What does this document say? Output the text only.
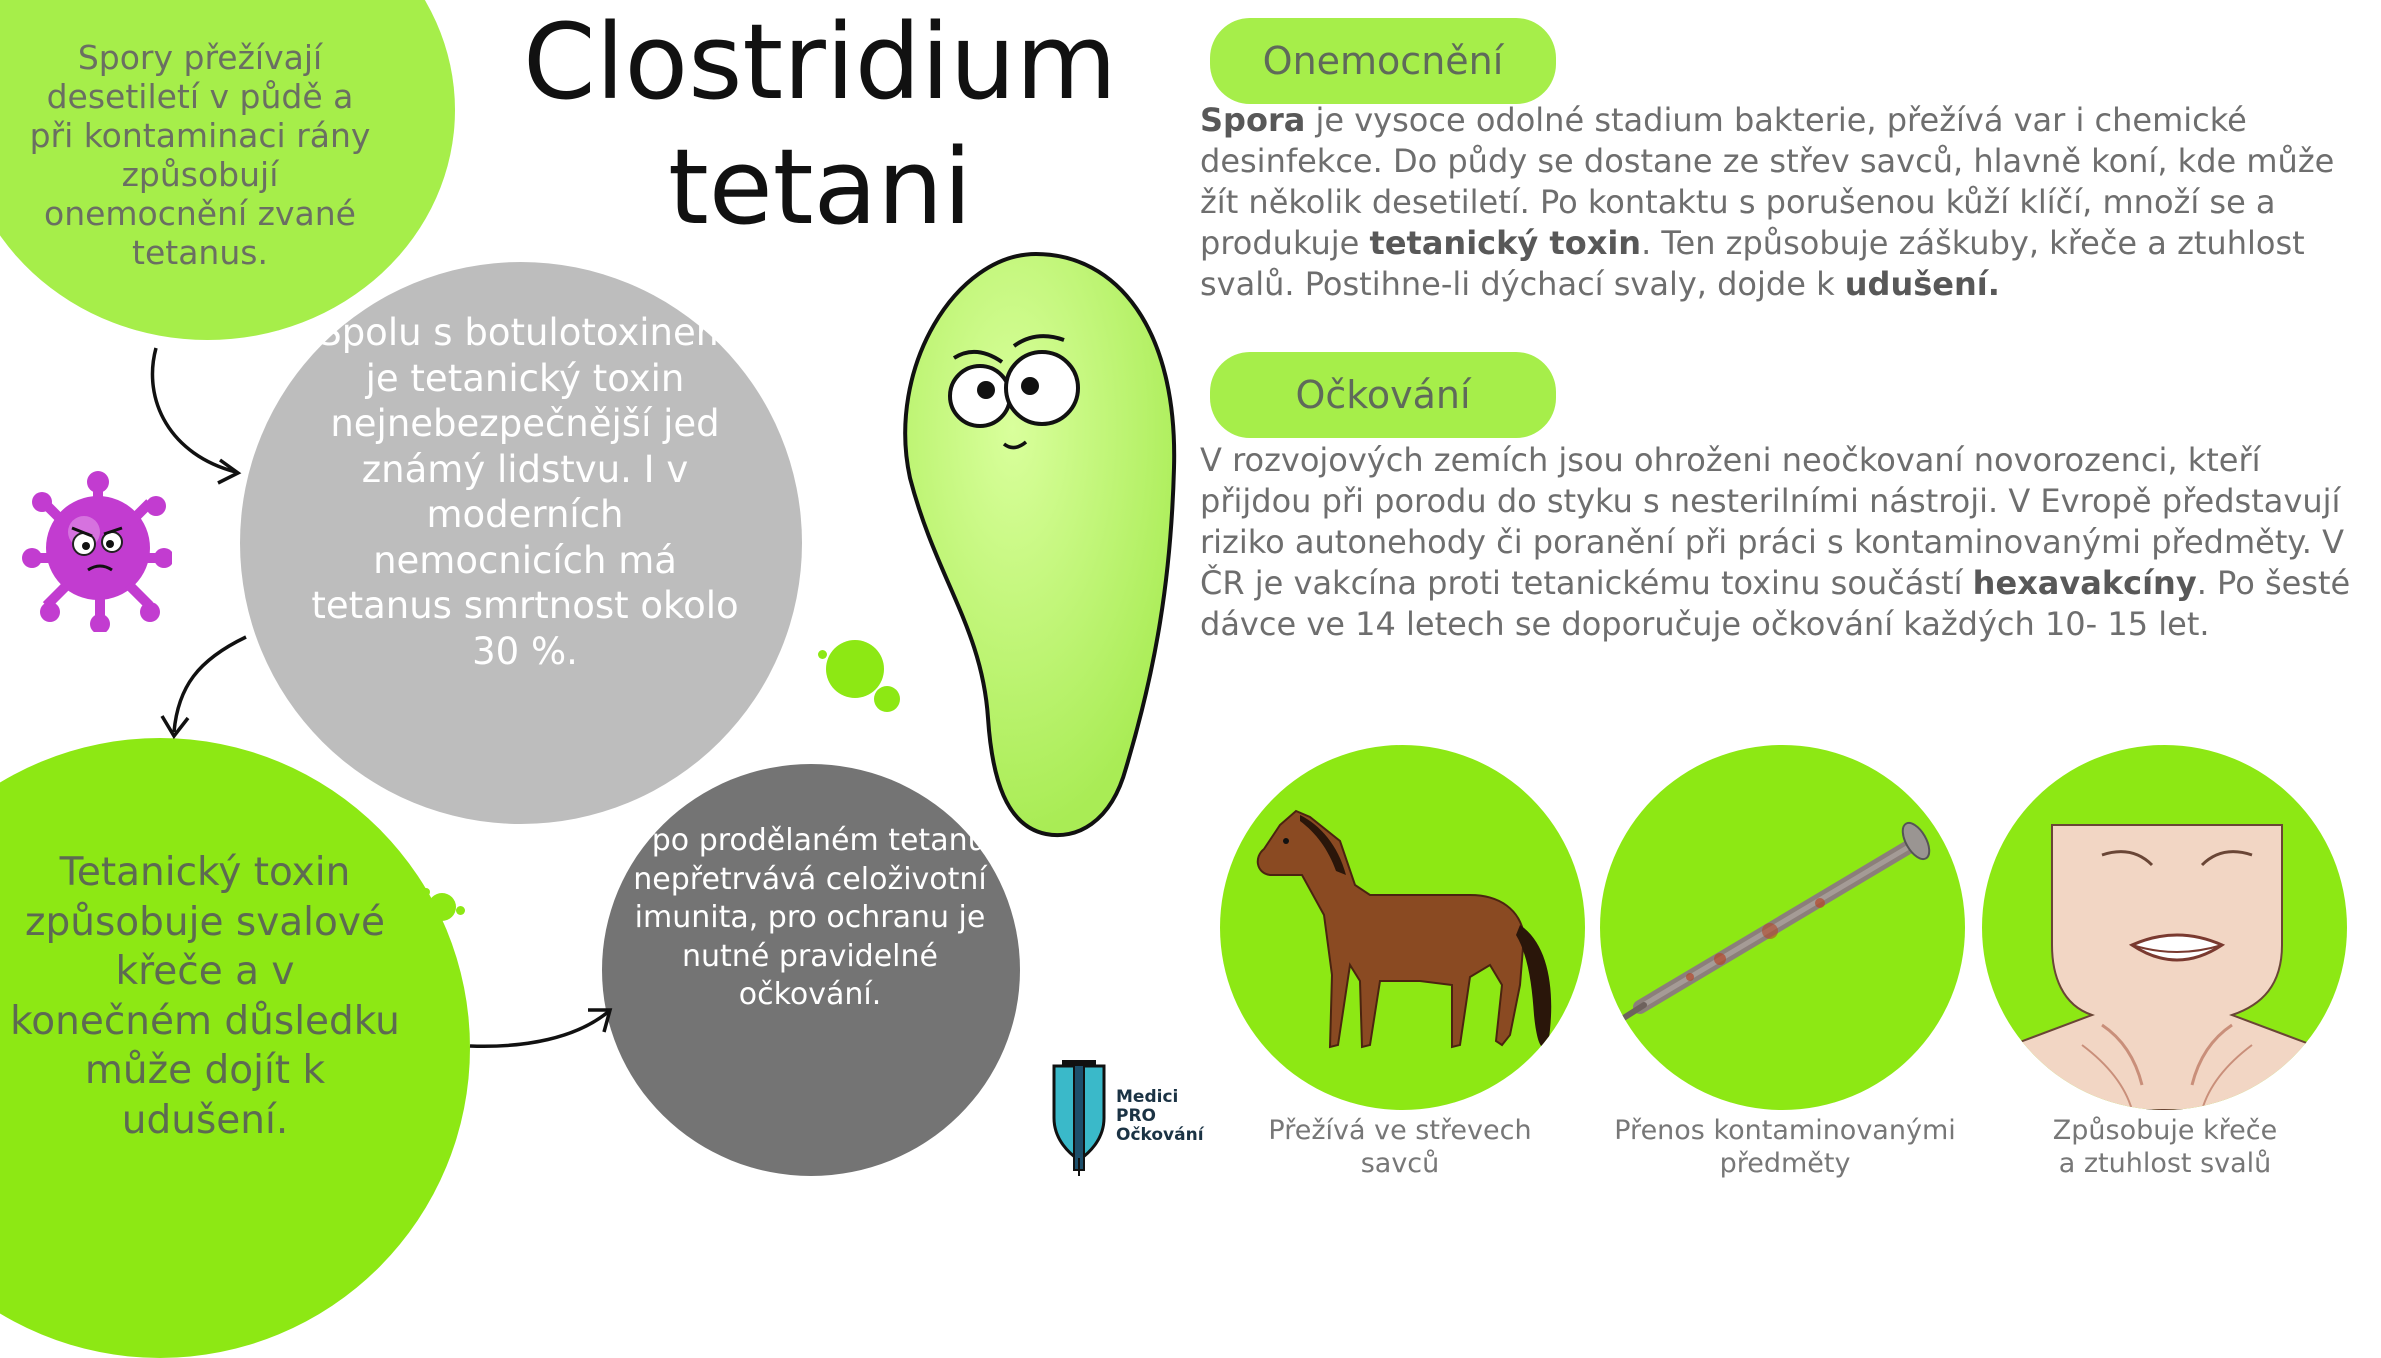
Spory přežívají desetiletí v půdě a při kontaminaci rány způsobují onemocnění zvané tetanus.
Clostridium
tetani
Spolu s botulotoxinem je tetanický toxin nejnebezpečnější jed známý lidstvu. I v moderních nemocnicích má tetanus smrtnost okolo 30 %.
Tetanický toxin způsobuje svalové křeče a v konečném důsledku může dojít k udušení.
I po prodělaném tetanu nepřetrvává celoživotní imunita, pro ochranu je nutné pravidelné očkování.
Onemocnění
Spora je vysoce odolné stadium bakterie, přežívá var i chemické desinfekce. Do půdy se dostane ze střev savců, hlavně koní, kde může žít několik desetiletí. Po kontaktu s porušenou kůží klíčí, množí se a produkuje tetanický toxin. Ten způsobuje záškuby, křeče a ztuhlost svalů. Postihne-li dýchací svaly, dojde k udušení.
Očkování
V rozvojových zemích jsou ohroženi neočkovaní novorozenci, kteří přijdou při porodu do styku s nesterilními nástroji. V Evropě představují riziko autonehody či poranění při práci s kontaminovanými předměty. V ČR je vakcína proti tetanickému toxinu součástí hexavakcíny. Po šesté dávce ve 14 letech se doporučuje očkování každých 10- 15 let.
Přežívá ve střevech
savců
Přenos kontaminovanými
předměty
Způsobuje křeče
a ztuhlost svalů
Medici
PRO
Očkování
